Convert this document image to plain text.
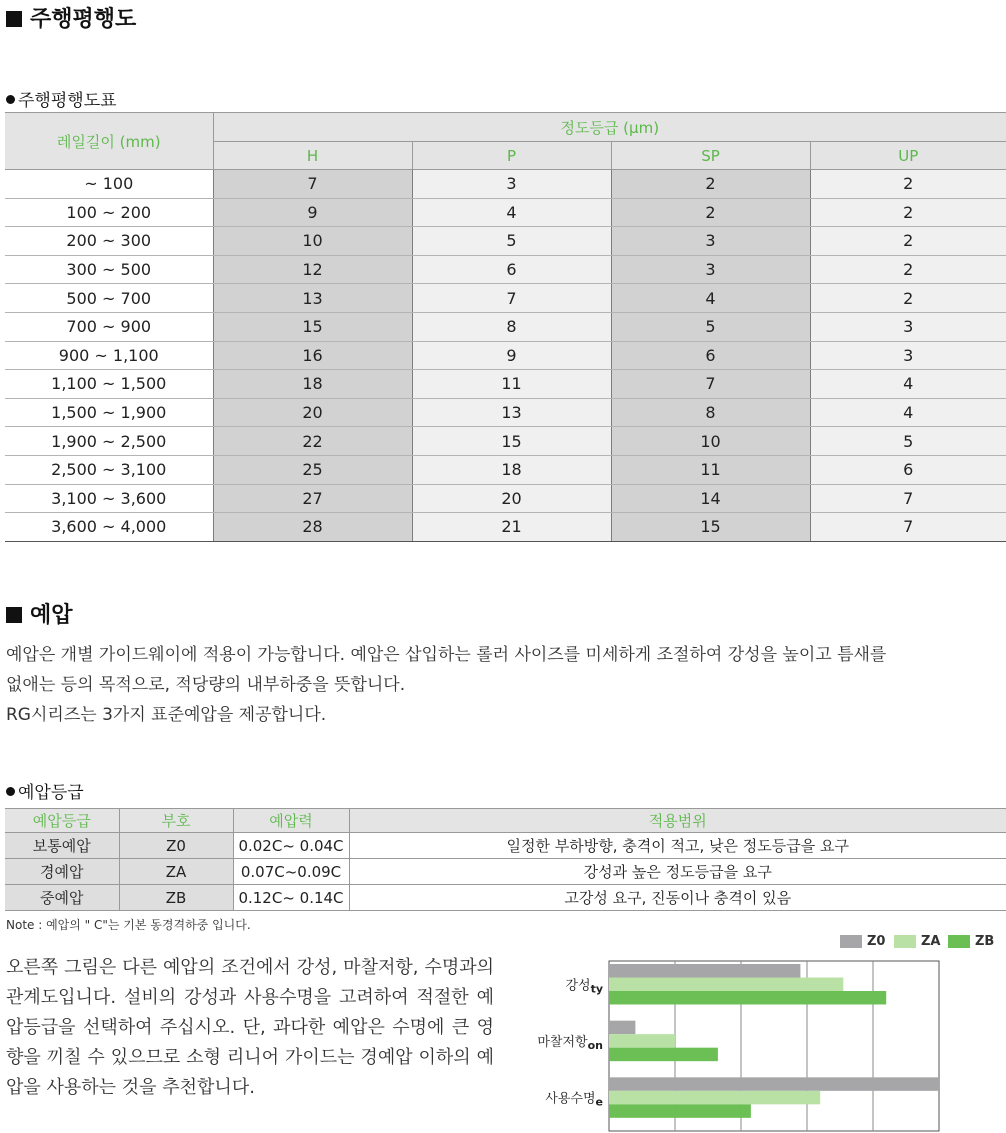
주행평행도
주행평행도표
레일길이 (mm)	정도등급 (μm)			
	H	P	SP	UP
~ 100	7	3	2	2
100 ~ 200	9	4	2	2
200 ~ 300	10	5	3	2
300 ~ 500	12	6	3	2
500 ~ 700	13	7	4	2
700 ~ 900	15	8	5	3
900 ~ 1,100	16	9	6	3
1,100 ~ 1,500	18	11	7	4
1,500 ~ 1,900	20	13	8	4
1,900 ~ 2,500	22	15	10	5
2,500 ~ 3,100	25	18	11	6
3,100 ~ 3,600	27	20	14	7
3,600 ~ 4,000	28	21	15	7
예압
예압은 개별 가이드웨이에 적용이 가능합니다. 예압은 삽입하는 롤러 사이즈를 미세하게 조절하여 강성을 높이고 틈새를
없애는 등의 목적으로, 적당량의 내부하중을 뜻합니다.
RG시리즈는 3가지 표준예압을 제공합니다.
예압등급
예압등급	부호	예압력	적용범위
보통예압	Z0	0.02C~ 0.04C	일정한 부하방향, 충격이 적고, 낮은 정도등급을 요구
경예압	ZA	0.07C~0.09C	강성과 높은 정도등급을 요구
중예압	ZB	0.12C~ 0.14C	고강성 요구, 진동이나 충격이 있음
Note : 예압의 " C"는 기본 동경격하중 입니다.
오른쪽 그림은 다른 예압의 조건에서 강성, 마찰저항, 수명과의 관계도입니다. 설비의 강성과 사용수명을 고려하여 적절한 예압등급을 선택하여 주십시오. 단, 과다한 예압은 수명에 큰 영향을 끼칠 수 있으므로 소형 리니어 가이드는 경예압 이하의 예압을 사용하는 것을 추천합니다.
Z0	ZA	ZB
강성$_{ty}$
마찰저항$_{on}$
사용수명$_e$
